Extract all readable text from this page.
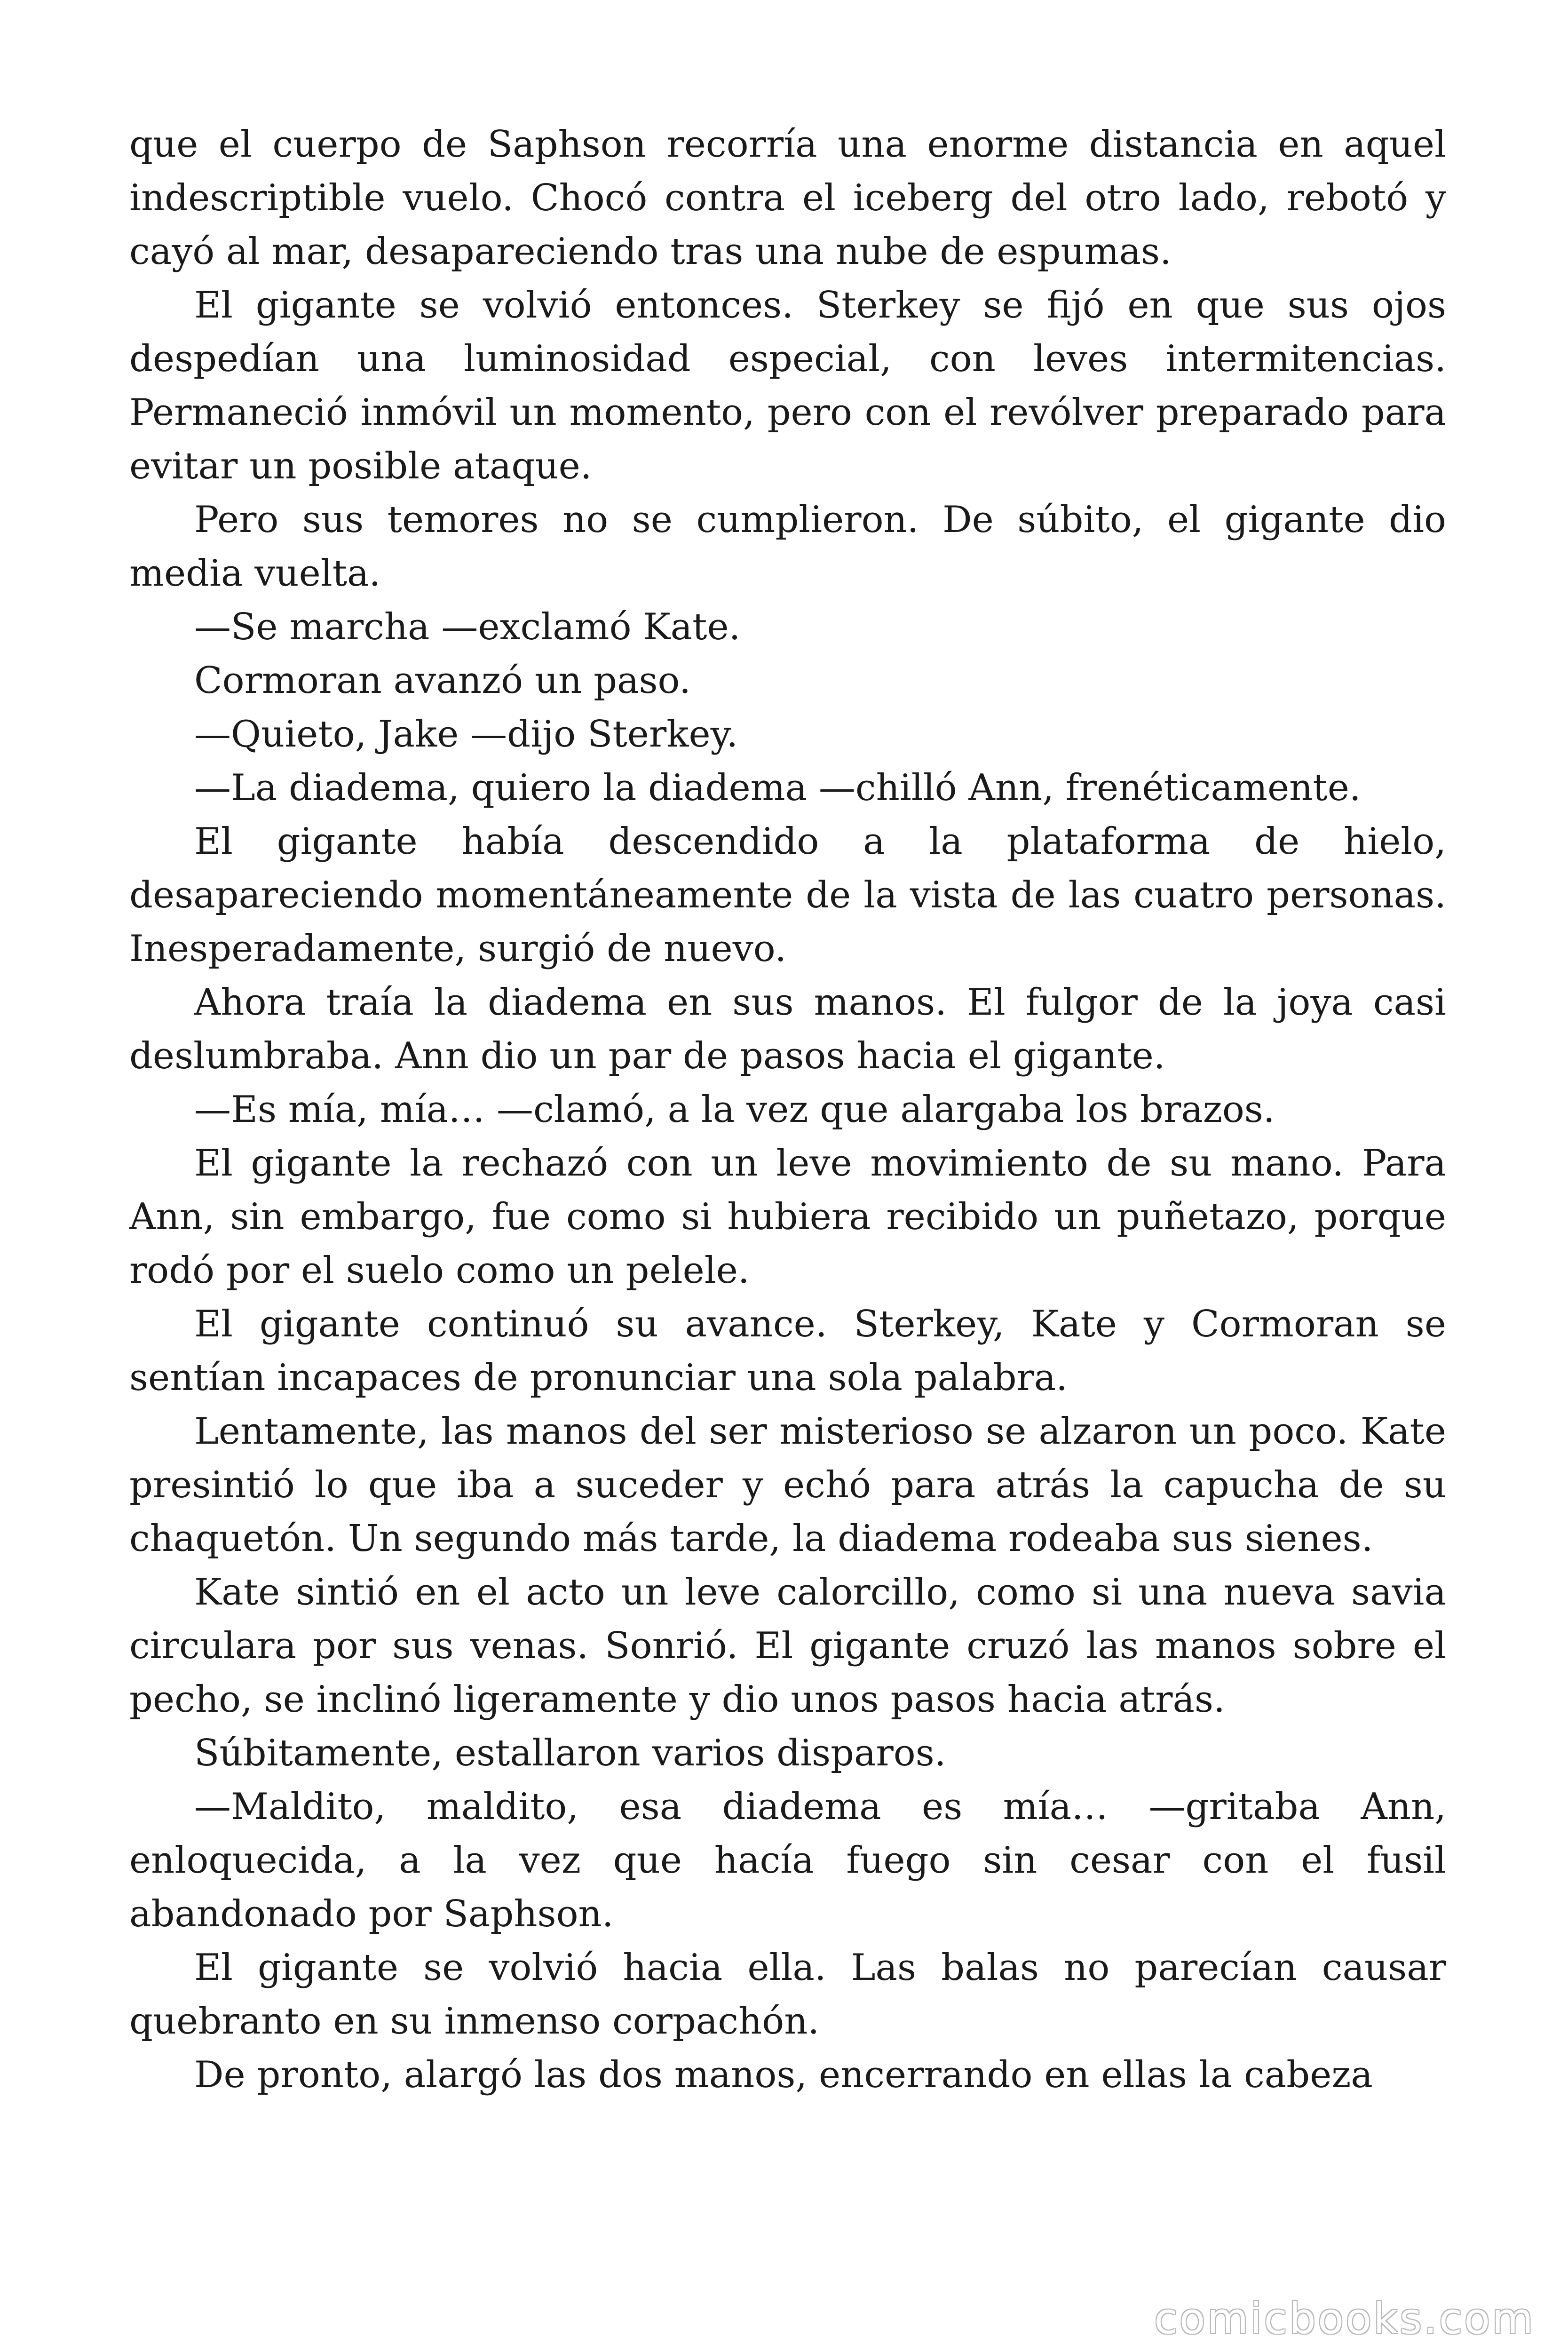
que el cuerpo de Saphson recorría una enorme distancia en aquel indescriptible vuelo. Chocó contra el iceberg del otro lado, rebotó y cayó al mar, desapareciendo tras una nube de espumas.

El gigante se volvió entonces. Sterkey se fijó en que sus ojos despedían una luminosidad especial, con leves intermitencias. Permaneció inmóvil un momento, pero con el revólver preparado para evitar un posible ataque.

Pero sus temores no se cumplieron. De súbito, el gigante dio media vuelta.

—Se marcha —exclamó Kate.

Cormoran avanzó un paso.

—Quieto, Jake —dijo Sterkey.

—La diadema, quiero la diadema —chilló Ann, frenéticamente.

El gigante había descendido a la plataforma de hielo, desapareciendo momentáneamente de la vista de las cuatro personas. Inesperadamente, surgió de nuevo.

Ahora traía la diadema en sus manos. El fulgor de la joya casi deslumbraba. Ann dio un par de pasos hacia el gigante.

—Es mía, mía… —clamó, a la vez que alargaba los brazos.

El gigante la rechazó con un leve movimiento de su mano. Para Ann, sin embargo, fue como si hubiera recibido un puñetazo, porque rodó por el suelo como un pelele.

El gigante continuó su avance. Sterkey, Kate y Cormoran se sentían incapaces de pronunciar una sola palabra.

Lentamente, las manos del ser misterioso se alzaron un poco. Kate presintió lo que iba a suceder y echó para atrás la capucha de su chaquetón. Un segundo más tarde, la diadema rodeaba sus sienes.

Kate sintió en el acto un leve calorcillo, como si una nueva savia circulara por sus venas. Sonrió. El gigante cruzó las manos sobre el pecho, se inclinó ligeramente y dio unos pasos hacia atrás.

Súbitamente, estallaron varios disparos.

—Maldito, maldito, esa diadema es mía… —gritaba Ann, enloquecida, a la vez que hacía fuego sin cesar con el fusil abandonado por Saphson.

El gigante se volvió hacia ella. Las balas no parecían causar quebranto en su inmenso corpachón.

De pronto, alargó las dos manos, encerrando en ellas la cabeza

comicbooks.com
